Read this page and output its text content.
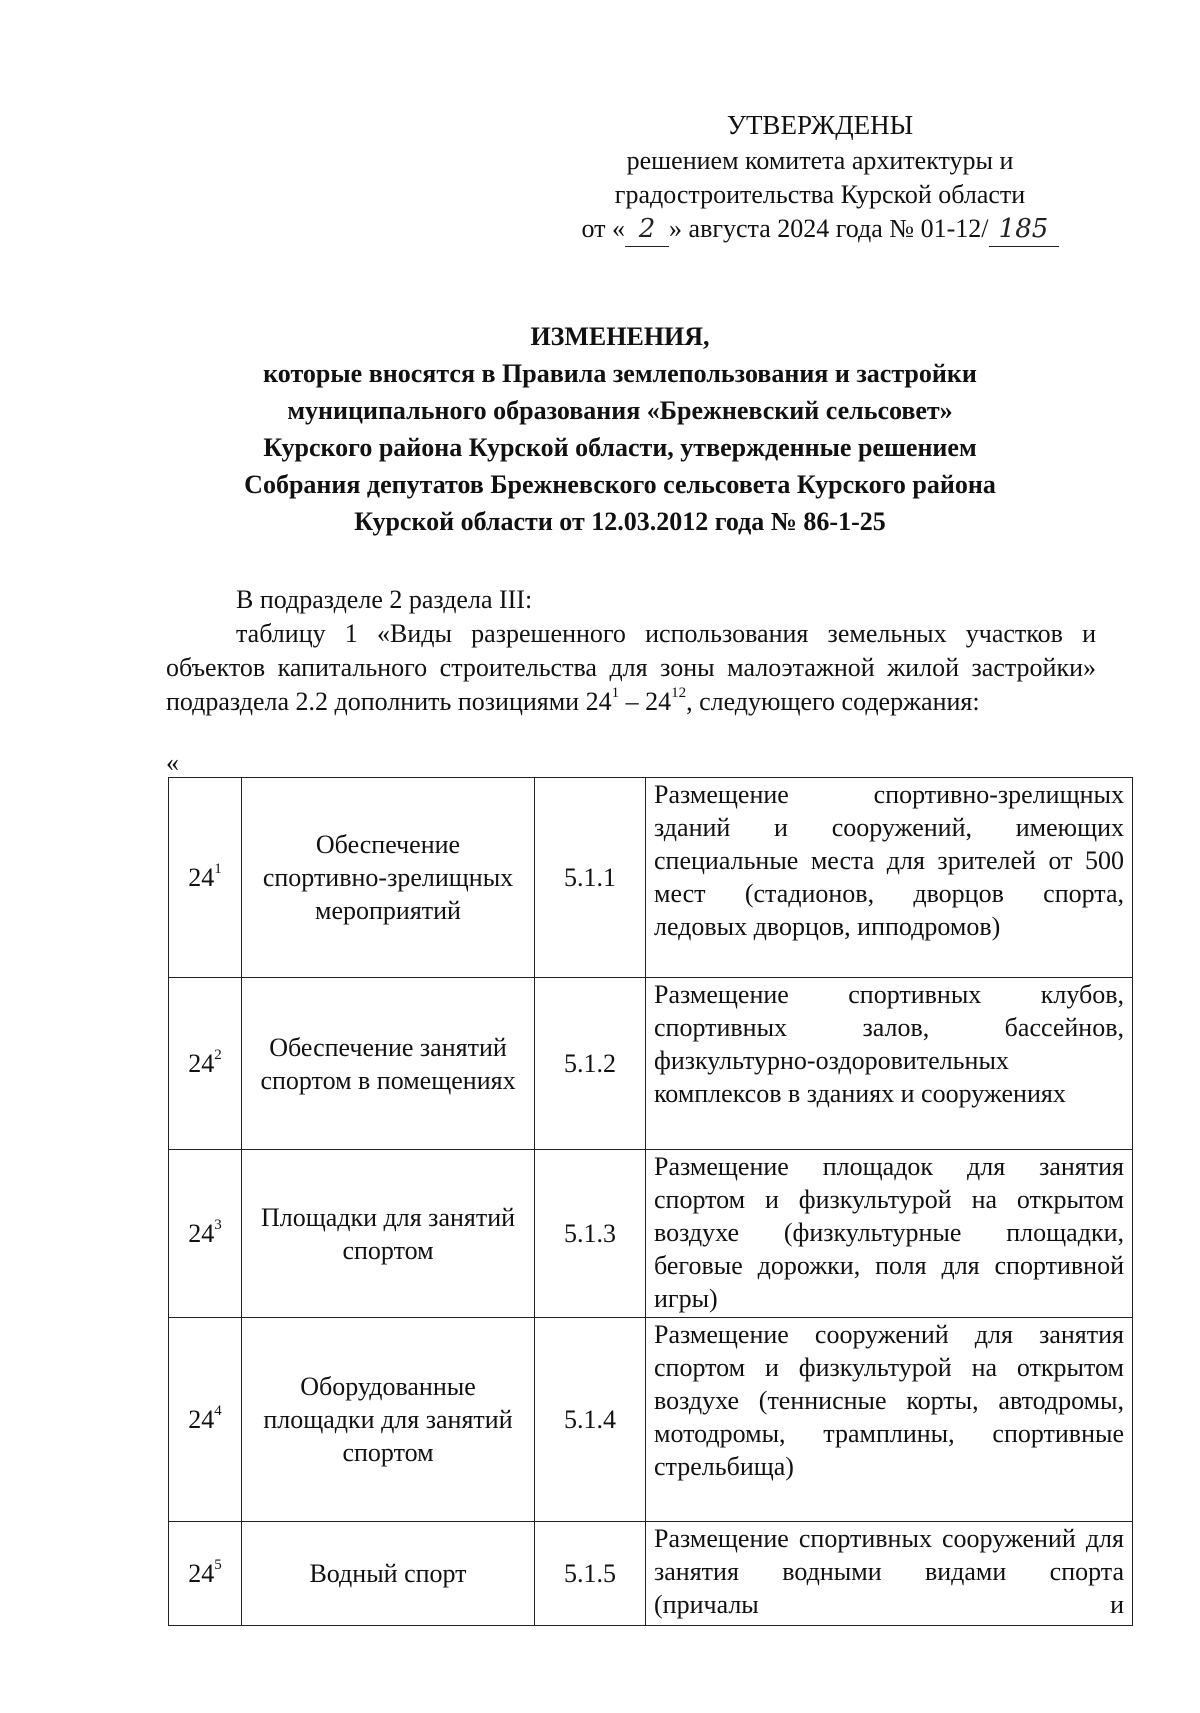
УТВЕРЖДЕНЫ
решением комитета архитектуры и
градостроительства Курской области
от « 2 » августа 2024 года № 01-12/ 185
ИЗМЕНЕНИЯ,
которые вносятся в Правила землепользования и застройки
муниципального образования «Брежневский сельсовет»
Курского района Курской области, утвержденные решением
Собрания депутатов Брежневского сельсовета Курского района
Курской области от 12.03.2012 года № 86-1-25
В подразделе 2 раздела III:
таблицу 1 «Виды разрешенного использования земельных участков и объектов капитального строительства для зоны малоэтажной жилой застройки» подраздела 2.2 дополнить позициями $24^1 - 24^{12}$, следующего содержания:
«
$24^1$	Обеспечение спортивно-зрелищных мероприятий	5.1.1	Размещение спортивно-зрелищных зданий и сооружений, имеющих специальные места для зрителей от 500 мест (стадионов, дворцов спорта, ледовых дворцов, ипподромов)
$24^2$	Обеспечение занятий спортом в помещениях	5.1.2	Размещение спортивных клубов, спортивных залов, бассейнов, физкультурно-оздоровительных комплексов в зданиях и сооружениях
$24^3$	Площадки для занятий спортом	5.1.3	Размещение площадок для занятия спортом и физкультурой на открытом воздухе (физкультурные площадки, беговые дорожки, поля для спортивной игры)
$24^4$	Оборудованные площадки для занятий спортом	5.1.4	Размещение сооружений для занятия спортом и физкультурой на открытом воздухе (теннисные корты, автодромы, мотодромы, трамплины, спортивные стрельбища)
$24^5$	Водный спорт	5.1.5	Размещение спортивных сооружений для занятия водными видами спорта (причалы и
